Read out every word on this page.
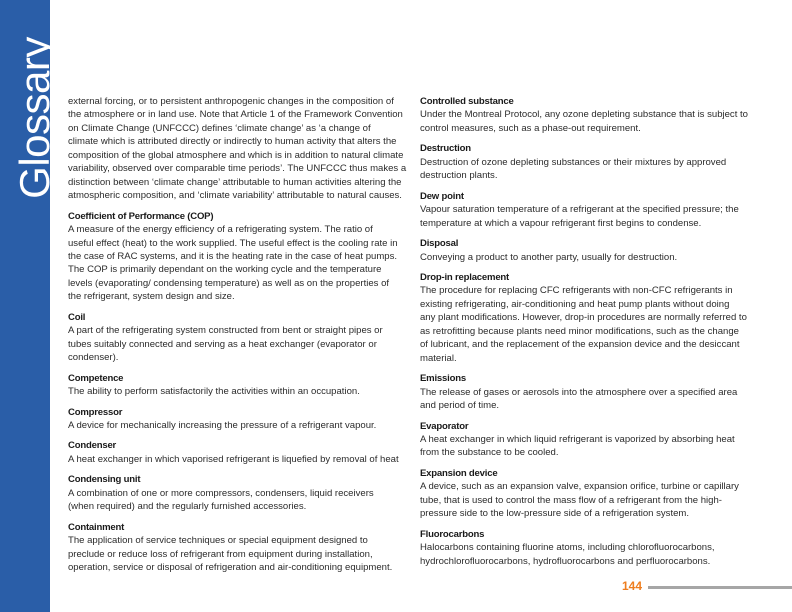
Glossary external forcing, or to persistent anthropogenic changes in the composition of
the atmosphere or in land use. Note that Article 1 of the Framework Convention
on Climate Change (UNFCCC) defines ‘climate change’ as ‘a change of
climate which is attributed directly or indirectly to human activity that alters the
composition of the global atmosphere and which is in addition to natural climate
variability, observed over comparable time periods’. The UNFCCC thus makes a
distinction between ‘climate change’ attributable to human activities altering the
atmospheric composition, and ‘climate variability’ attributable to natural causes.
Coefficient of Performance (COP)
A measure of the energy efficiency of a refrigerating system. The ratio of
useful effect (heat) to the work supplied. The useful effect is the cooling rate in
the case of RAC systems, and it is the heating rate in the case of heat pumps.
The COP is primarily dependant on the working cycle and the temperature
levels (evaporating/ condensing temperature) as well as on the properties of
the refrigerant, system design and size.
Coil
A part of the refrigerating system constructed from bent or straight pipes or
tubes suitably connected and serving as a heat exchanger (evaporator or
condenser).
Competence
The ability to perform satisfactorily the activities within an occupation.
Compressor
A device for mechanically increasing the pressure of a refrigerant vapour.
Condenser
A heat exchanger in which vaporised refrigerant is liquefied by removal of heat
Condensing unit
A combination of one or more compressors, condensers, liquid receivers
(when required) and the regularly furnished accessories.
Containment
The application of service techniques or special equipment designed to
preclude or reduce loss of refrigerant from equipment during installation,
operation, service or disposal of refrigeration and air-conditioning equipment.
Controlled substance
Under the Montreal Protocol, any ozone depleting substance that is subject to
control measures, such as a phase-out requirement.
Destruction
Destruction of ozone depleting substances or their mixtures by approved
destruction plants.
Dew point
Vapour saturation temperature of a refrigerant at the specified pressure; the
temperature at which a vapour refrigerant first begins to condense.
Disposal
Conveying a product to another party, usually for destruction.
Drop-in replacement
The procedure for replacing CFC refrigerants with non-CFC refrigerants in
existing refrigerating, air-conditioning and heat pump plants without doing
any plant modifications. However, drop-in procedures are normally referred to
as retrofitting because plants need minor modifications, such as the change
of lubricant, and the replacement of the expansion device and the desiccant
material.
Emissions
The release of gases or aerosols into the atmosphere over a specified area
and period of time.
Evaporator
A heat exchanger in which liquid refrigerant is vaporized by absorbing heat
from the substance to be cooled.
Expansion device
A device, such as an expansion valve, expansion orifice, turbine or capillary
tube, that is used to control the mass flow of a refrigerant from the high-
pressure side to the low-pressure side of a refrigeration system.
Fluorocarbons
Halocarbons containing fluorine atoms, including chlorofluorocarbons,
hydrochlorofluorocarbons, hydrofluorocarbons and perfluorocarbons.
144
